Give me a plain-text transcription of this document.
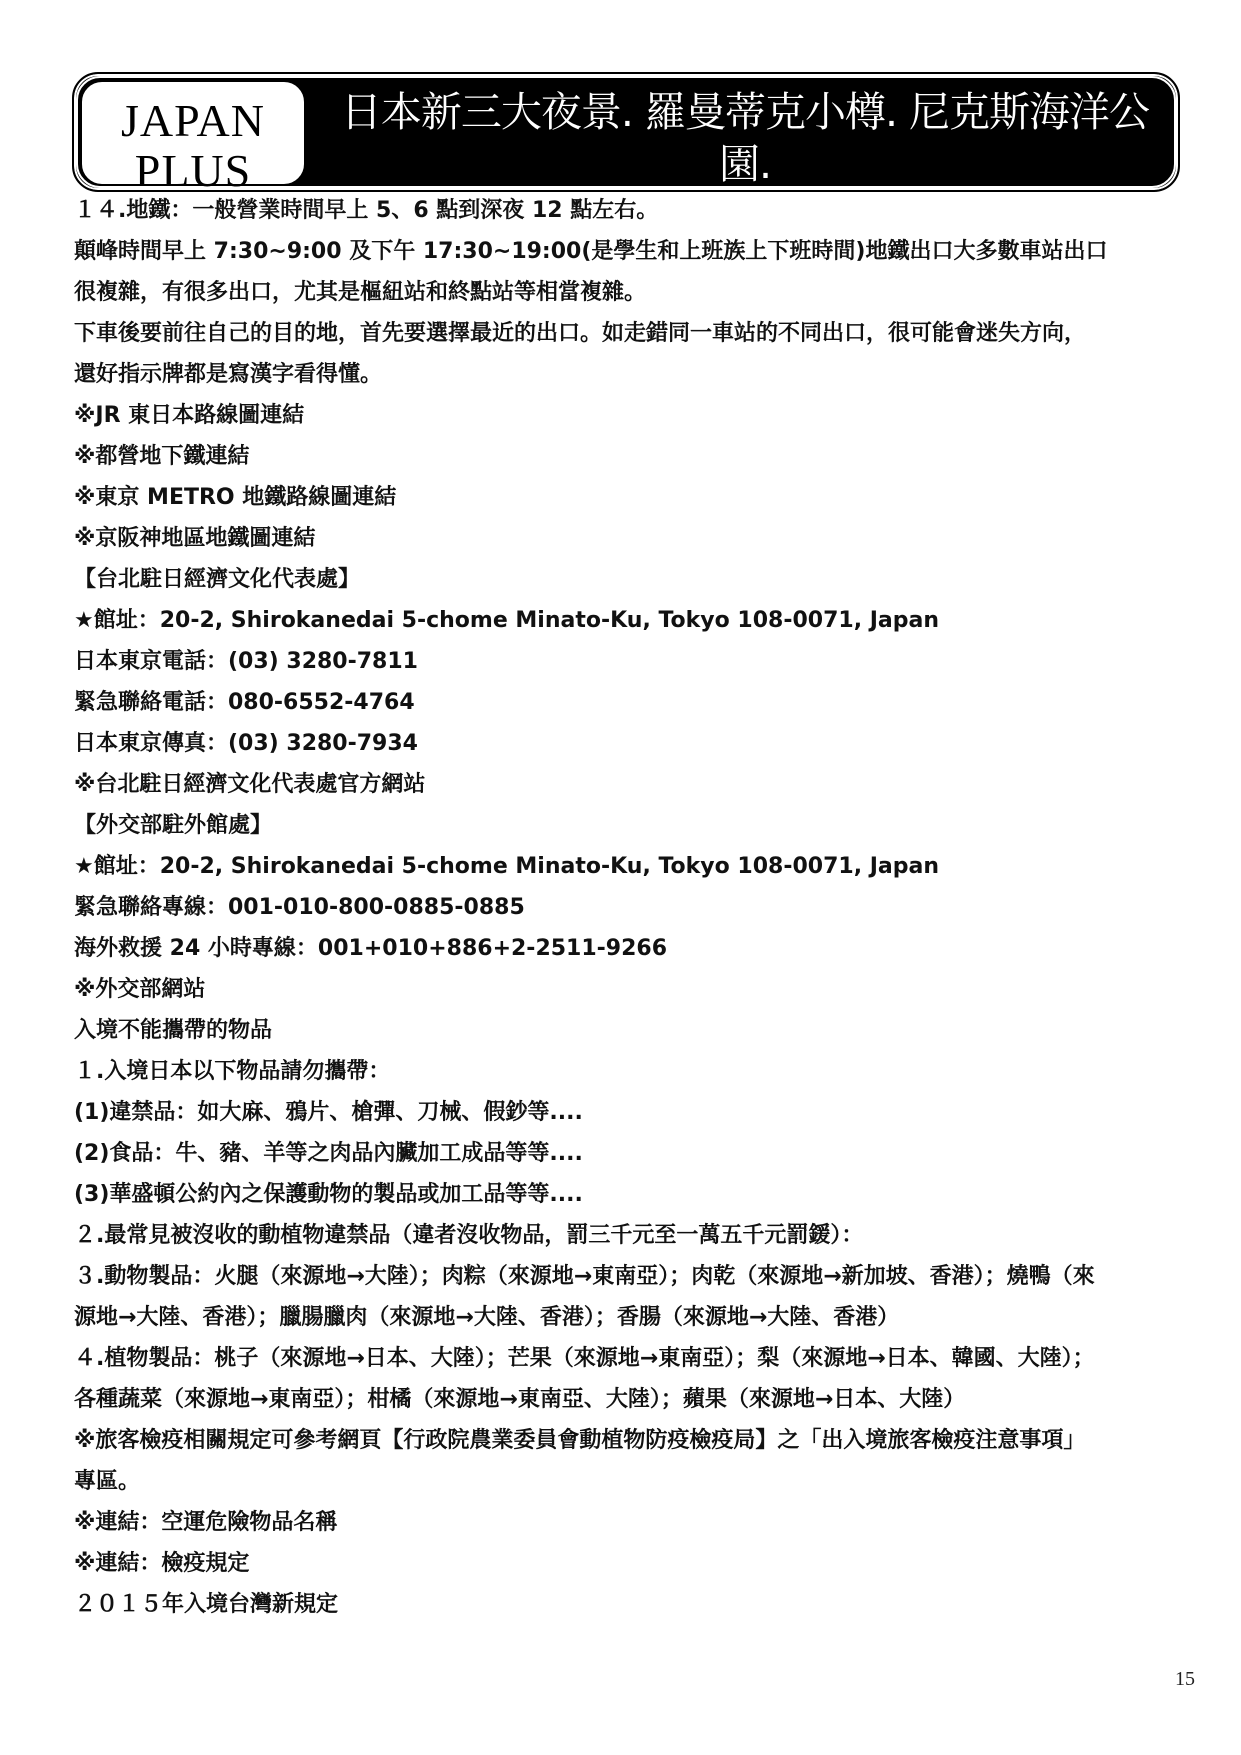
JAPAN
PLUS
日本新三大夜景. 羅曼蒂克小樽. 尼克斯海洋公園.
北海道溫泉五日
１４.地鐵：一般營業時間早上 5、6 點到深夜 12 點左右。
顛峰時間早上 7:30~9:00 及下午 17:30~19:00(是學生和上班族上下班時間)地鐵出口大多數車站出口
很複雜，有很多出口，尤其是樞紐站和終點站等相當複雜。
下車後要前往自己的目的地，首先要選擇最近的出口。如走錯同一車站的不同出口，很可能會迷失方向，
還好指示牌都是寫漢字看得懂。
※JR 東日本路線圖連結
※都營地下鐵連結
※東京 METRO 地鐵路線圖連結
※京阪神地區地鐵圖連結
【台北駐日經濟文化代表處】
★館址：20-2, Shirokanedai 5-chome Minato-Ku, Tokyo 108-0071, Japan
日本東京電話：(03) 3280-7811
緊急聯絡電話：080-6552-4764
日本東京傳真：(03) 3280-7934
※台北駐日經濟文化代表處官方網站
【外交部駐外館處】
★館址：20-2, Shirokanedai 5-chome Minato-Ku, Tokyo 108-0071, Japan
緊急聯絡專線：001-010-800-0885-0885
海外救援 24 小時專線：001+010+886+2-2511-9266
※外交部網站
入境不能攜帶的物品
１.入境日本以下物品請勿攜帶：
(1)違禁品：如大麻、鴉片、槍彈、刀械、假鈔等....
(2)食品：牛、豬、羊等之肉品內臟加工成品等等....
(3)華盛頓公約內之保護動物的製品或加工品等等....
２.最常見被沒收的動植物違禁品（違者沒收物品，罰三千元至一萬五千元罰鍰）：
３.動物製品：火腿（來源地→大陸）；肉粽（來源地→東南亞）；肉乾（來源地→新加坡、香港）；燒鴨（來
源地→大陸、香港）；臘腸臘肉（來源地→大陸、香港）；香腸（來源地→大陸、香港）
４.植物製品：桃子（來源地→日本、大陸）；芒果（來源地→東南亞）；梨（來源地→日本、韓國、大陸）；
各種蔬菜（來源地→東南亞）；柑橘（來源地→東南亞、大陸）；蘋果（來源地→日本、大陸）
※旅客檢疫相關規定可參考網頁【行政院農業委員會動植物防疫檢疫局】之「出入境旅客檢疫注意事項」
專區。
※連結：空運危險物品名稱
※連結：檢疫規定
２０１５年入境台灣新規定
15
